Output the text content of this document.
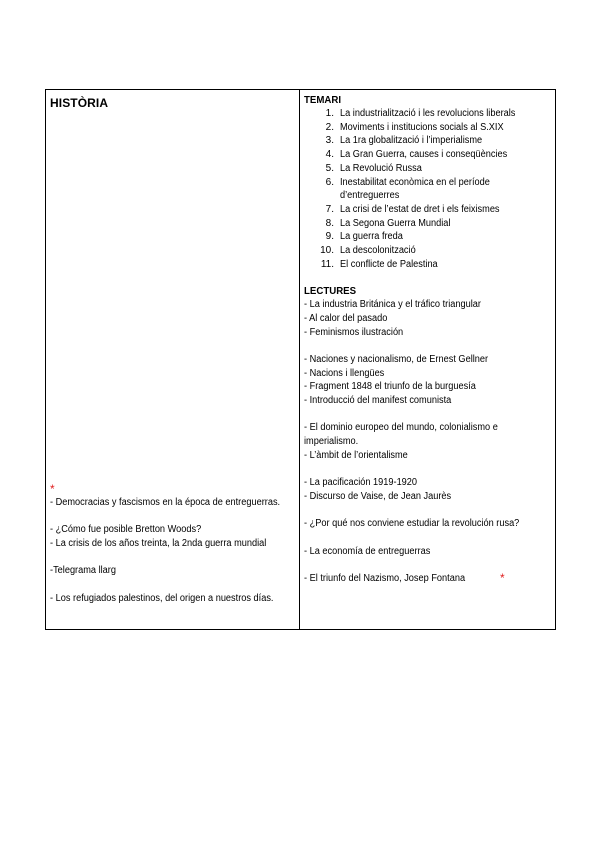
HISTÒRIA
*
- Democracias y fascismos en la época de entreguerras.
- ¿Cómo fue posible Bretton Woods?
- La crisis de los años treinta, la 2nda guerra mundial
-Telegrama llarg
- Los refugiados palestinos, del origen a nuestros días.
TEMARI
1. La industrialització i les revolucions liberals
2. Moviments i institucions socials al S.XIX
3. La 1ra globalització i l’imperialisme
4. La Gran Guerra, causes i conseqüències
5. La Revolució Russa
6. Inestabilitat econòmica en el període
d’entreguerres
7. La crisi de l’estat de dret i els feixismes
8. La Segona Guerra Mundial
9. La guerra freda
10. La descolonització
11. El conflicte de Palestina
LECTURES
- La industria Británica y el tráfico triangular
- Al calor del pasado
- Feminismos ilustración
- Naciones y nacionalismo, de Ernest Gellner
- Nacions i llengües
- Fragment 1848 el triunfo de la burguesía
- Introducció del manifest comunista
- El dominio europeo del mundo, colonialismo e imperialismo.
- L’àmbit de l’orientalisme
- La pacificación 1919-1920
- Discurso de Vaise, de Jean Jaurès
- ¿Por qué nos conviene estudiar la revolución rusa?
- La economía de entreguerras
- El triunfo del Nazismo, Josep Fontana	*
